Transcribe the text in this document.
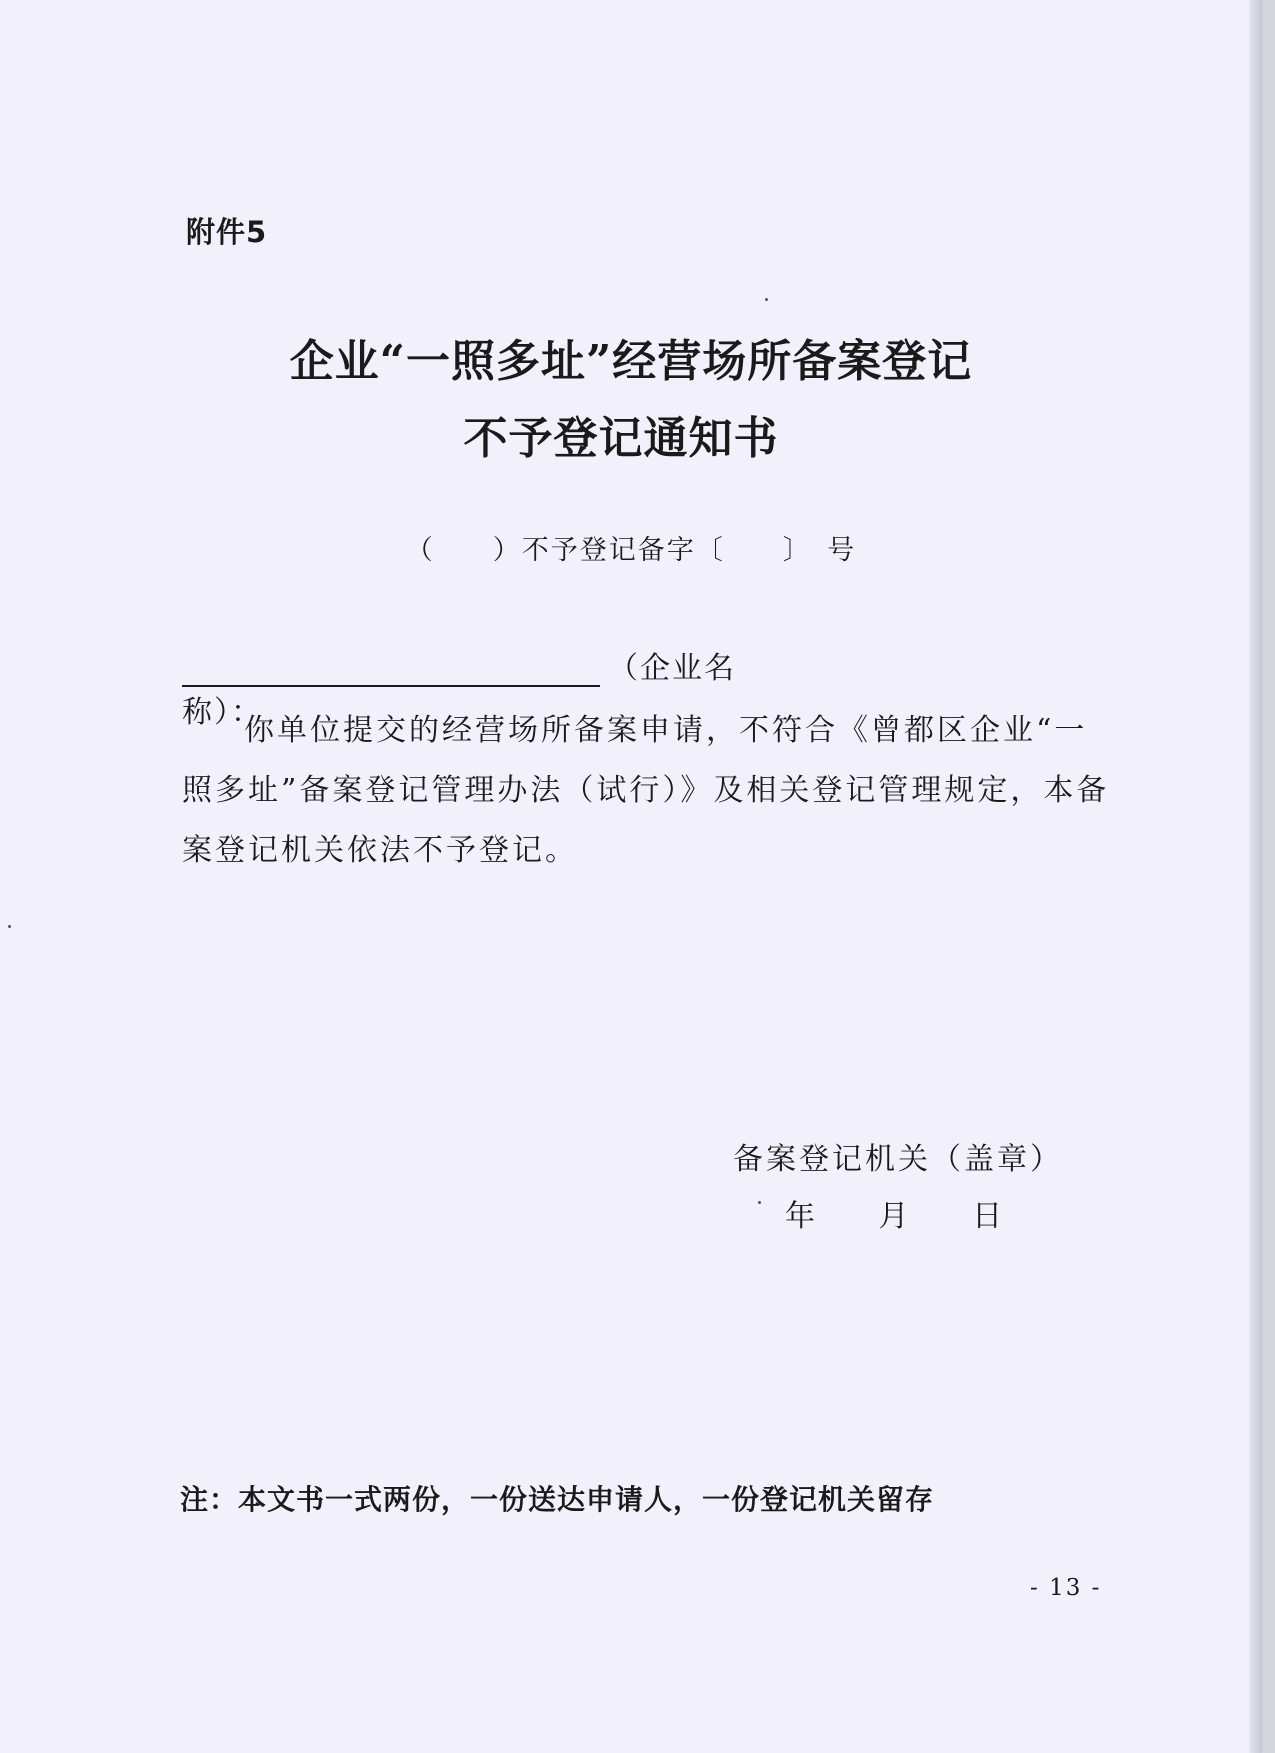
附件5
企业“一照多址”经营场所备案登记
不予登记通知书
（　　）不予登记备字〔　　〕　号
（企业名称）：
你单位提交的经营场所备案申请，不符合《曾都区企业“一照多址”备案登记管理办法（试行）》及相关登记管理规定，本备案登记机关依法不予登记。
备案登记机关（盖章）
年 月 日
注：本文书一式两份，一份送达申请人，一份登记机关留存
- 13 -
